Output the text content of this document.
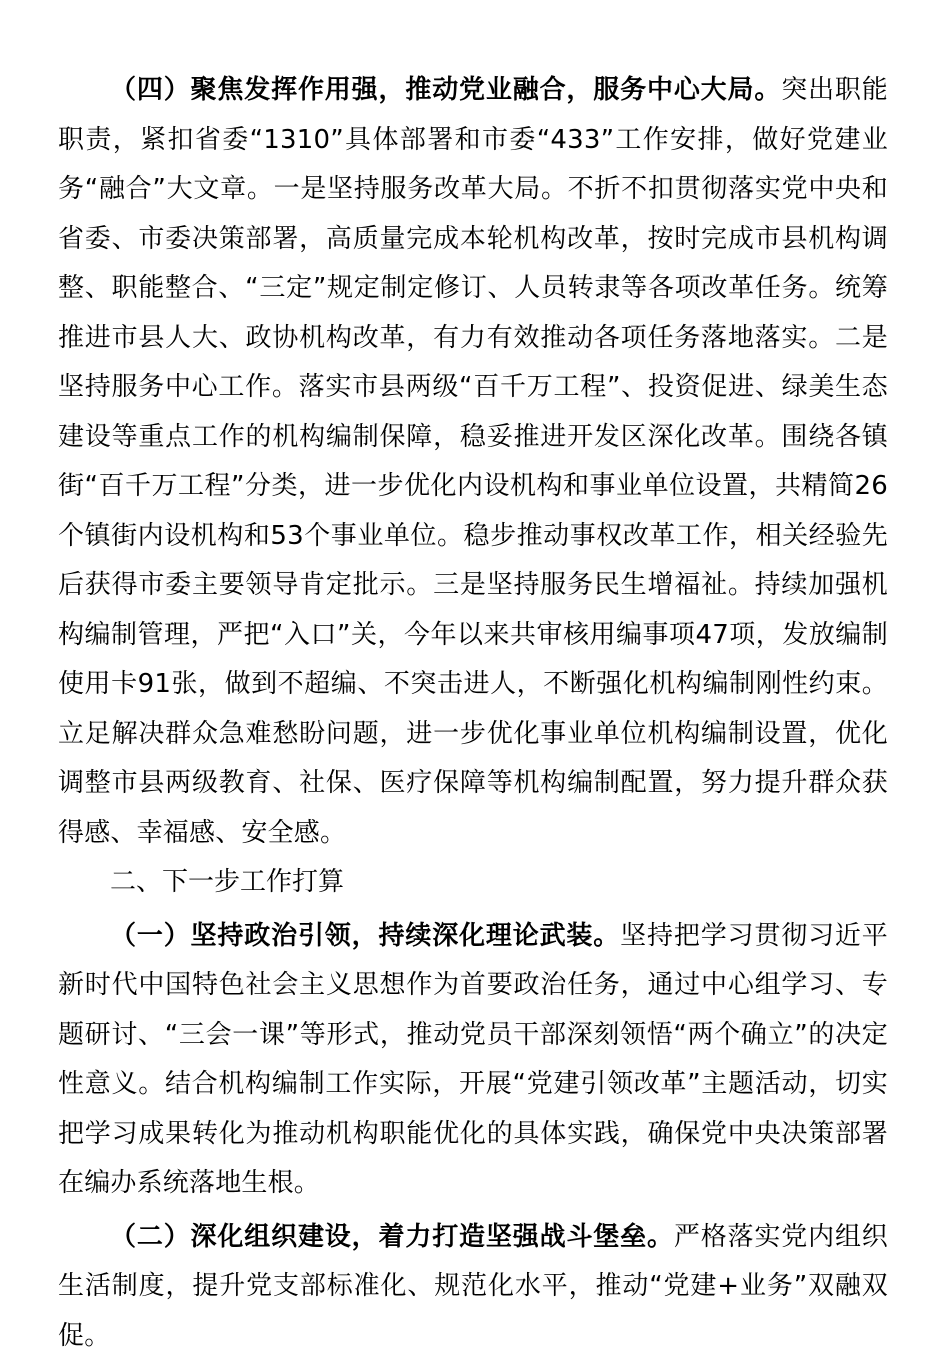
（四）聚焦发挥作用强，推动党业融合，服务中心大局。突出职能职责，紧扣省委“1310”具体部署和市委“433”工作安排，做好党建业务“融合”大文章。一是坚持服务改革大局。不折不扣贯彻落实党中央和省委、市委决策部署，高质量完成本轮机构改革，按时完成市县机构调整、职能整合、“三定”规定制定修订、人员转隶等各项改革任务。统筹推进市县人大、政协机构改革，有力有效推动各项任务落地落实。二是坚持服务中心工作。落实市县两级“百千万工程”、投资促进、绿美生态建设等重点工作的机构编制保障，稳妥推进开发区深化改革。围绕各镇街“百千万工程”分类，进一步优化内设机构和事业单位设置，共精简26个镇街内设机构和53个事业单位。稳步推动事权改革工作，相关经验先后获得市委主要领导肯定批示。三是坚持服务民生增福祉。持续加强机构编制管理，严把“入口”关，今年以来共审核用编事项47项，发放编制使用卡91张，做到不超编、不突击进人，不断强化机构编制刚性约束。立足解决群众急难愁盼问题，进一步优化事业单位机构编制设置，优化调整市县两级教育、社保、医疗保障等机构编制配置，努力提升群众获得感、幸福感、安全感。

二、下一步工作打算

（一）坚持政治引领，持续深化理论武装。坚持把学习贯彻习近平新时代中国特色社会主义思想作为首要政治任务，通过中心组学习、专题研讨、“三会一课”等形式，推动党员干部深刻领悟“两个确立”的决定性意义。结合机构编制工作实际，开展“党建引领改革”主题活动，切实把学习成果转化为推动机构职能优化的具体实践，确保党中央决策部署在编办系统落地生根。

（二）深化组织建设，着力打造坚强战斗堡垒。严格落实党内组织生活制度，提升党支部标准化、规范化水平，推动“党建+业务”双融双促。
